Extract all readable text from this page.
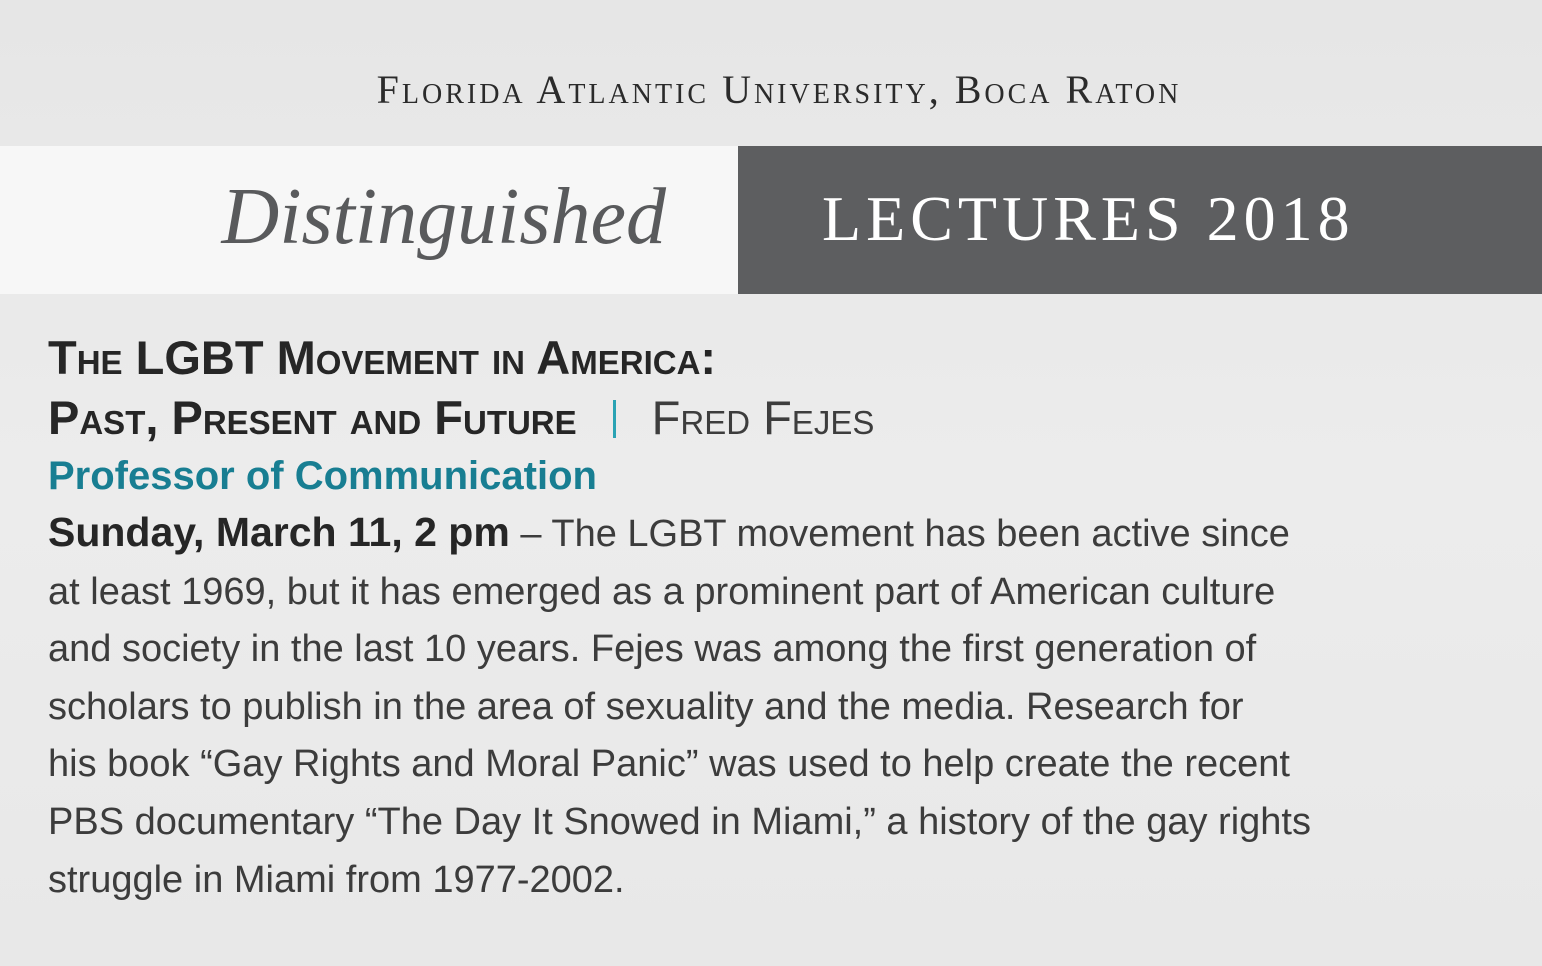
Florida Atlantic University, Boca Raton
Distinguished LECTURES 2018

The LGBT Movement in America:

Past, Present and Future Fred Fejes

Professor of Communication

Sunday, March 11, 2 pm – The LGBT movement has been active since
at least 1969, but it has emerged as a prominent part of American culture
and society in the last 10 years. Fejes was among the first generation of
scholars to publish in the area of sexuality and the media. Research for
his book “Gay Rights and Moral Panic” was used to help create the recent
PBS documentary “The Day It Snowed in Miami,” a history of the gay rights
struggle in Miami from 1977-2002.
